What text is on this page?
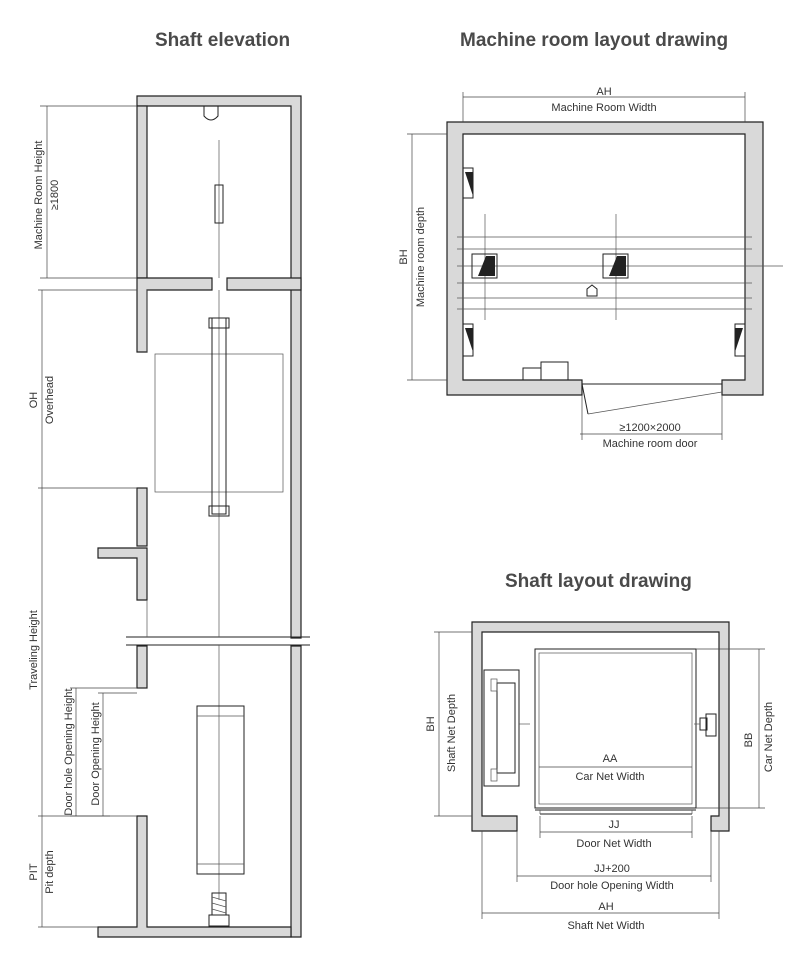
Shaft elevation	Machine room layout drawing
Shaft layout drawing
Machine Room Height ≥1800
OH Overhead
Traveling Height
Door hole Opening Height Door Opening Height
PIT Pit depth
AH
Machine Room Width
BH Machine room depth
≥1200×2000
Machine room door
BH Shaft Net Depth	BB Car Net Depth
AA
Car Net Width
JJ
Door Net Width
JJ+200
Door hole Opening Width
AH
Shaft Net Width
